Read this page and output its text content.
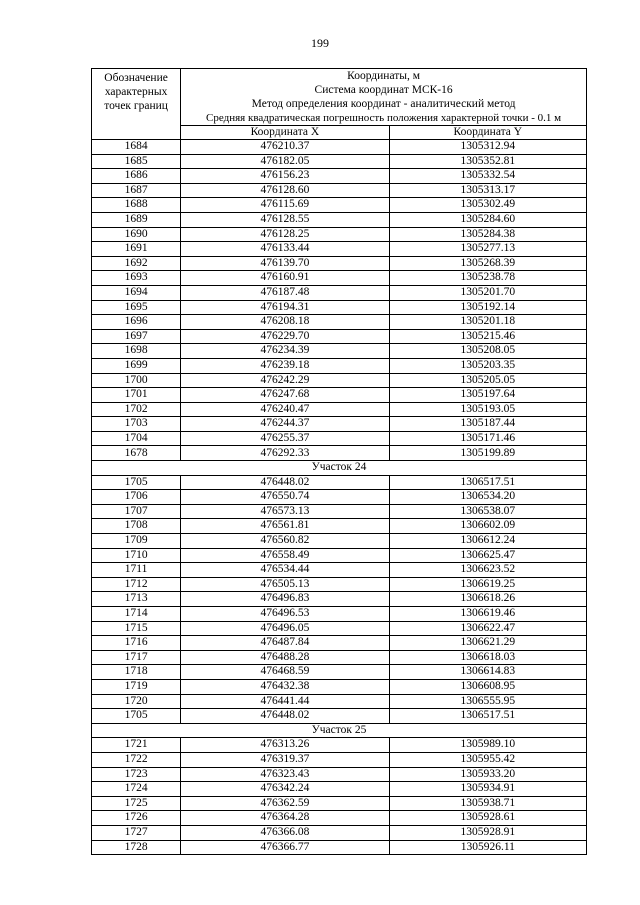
199
Обозначение
характерных
точек границ	Координаты, м
Система координат МСК-16
Метод определения координат - аналитический метод
Средняя квадратическая погрешность положения характерной точки - 0.1 м	

	Координата X	Координата Y
1684	476210.37	1305312.94
1685	476182.05	1305352.81
1686	476156.23	1305332.54
1687	476128.60	1305313.17
1688	476115.69	1305302.49
1689	476128.55	1305284.60
1690	476128.25	1305284.38
1691	476133.44	1305277.13
1692	476139.70	1305268.39
1693	476160.91	1305238.78
1694	476187.48	1305201.70
1695	476194.31	1305192.14
1696	476208.18	1305201.18
1697	476229.70	1305215.46
1698	476234.39	1305208.05
1699	476239.18	1305203.35
1700	476242.29	1305205.05
1701	476247.68	1305197.64
1702	476240.47	1305193.05
1703	476244.37	1305187.44
1704	476255.37	1305171.46
1678	476292.33	1305199.89
Участок 24		
1705	476448.02	1306517.51
1706	476550.74	1306534.20
1707	476573.13	1306538.07
1708	476561.81	1306602.09
1709	476560.82	1306612.24
1710	476558.49	1306625.47
1711	476534.44	1306623.52
1712	476505.13	1306619.25
1713	476496.83	1306618.26
1714	476496.53	1306619.46
1715	476496.05	1306622.47
1716	476487.84	1306621.29
1717	476488.28	1306618.03
1718	476468.59	1306614.83
1719	476432.38	1306608.95
1720	476441.44	1306555.95
1705	476448.02	1306517.51
Участок 25		
1721	476313.26	1305989.10
1722	476319.37	1305955.42
1723	476323.43	1305933.20
1724	476342.24	1305934.91
1725	476362.59	1305938.71
1726	476364.28	1305928.61
1727	476366.08	1305928.91
1728	476366.77	1305926.11
